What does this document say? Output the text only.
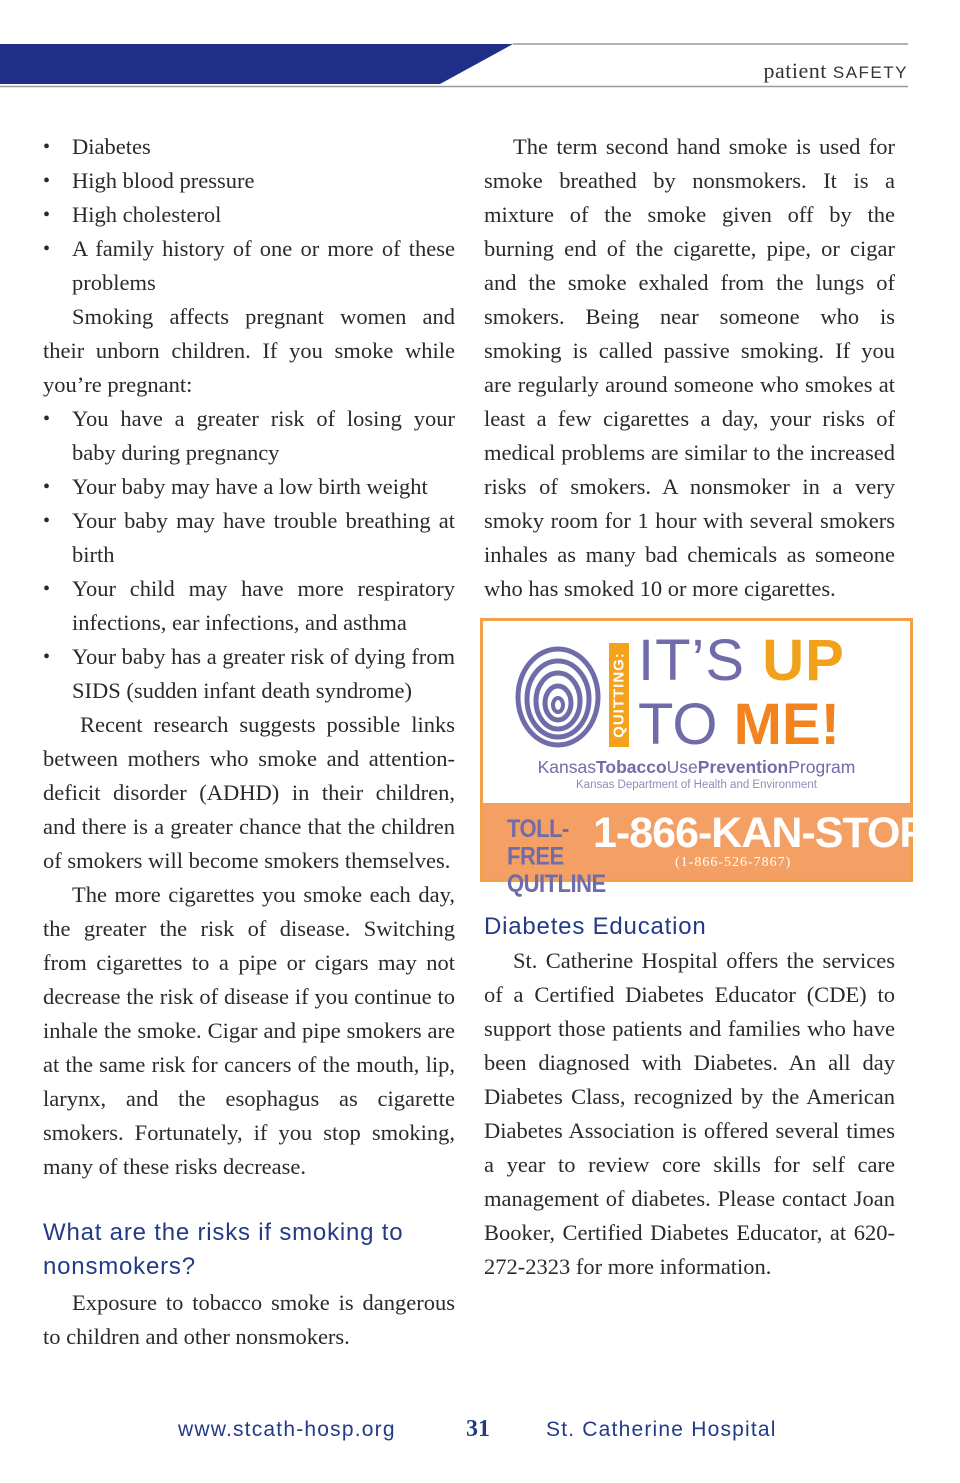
patient SAFETY
• Diabetes
• High blood pressure
• High cholesterol
• A family history of one or more of these problems

Smoking affects pregnant women and their unborn children. If you smoke while you’re pregnant:

• You have a greater risk of losing your baby during pregnancy
• Your baby may have a low birth weight
• Your baby may have trouble breathing at birth
• Your child may have more respiratory infections, ear infections, and asthma
• Your baby has a greater risk of dying from SIDS (sudden infant death syndrome)

Recent research suggests possible links between mothers who smoke and attention-deficit disorder (ADHD) in their children, and there is a greater chance that the children of smokers will become smokers themselves.

The more cigarettes you smoke each day, the greater the risk of disease. Switching from cigarettes to a pipe or cigars may not decrease the risk of disease if you continue to inhale the smoke. Cigar and pipe smokers are at the same risk for cancers of the mouth, lip, larynx, and the esophagus as cigarette smokers. Fortunately, if you stop smoking, many of these risks decrease.

What are the risks if smoking to nonsmokers?

Exposure to tobacco smoke is dangerous to children and other nonsmokers.

The term second hand smoke is used for smoke breathed by nonsmokers. It is a mixture of the smoke given off by the burning end of the cigarette, pipe, or cigar and the smoke exhaled from the lungs of smokers. Being near someone who is smoking is called passive smoking. If you are regularly around someone who smokes at least a few cigarettes a day, your risks of medical problems are similar to the increased risks of smokers. A nonsmoker in a very smoky room for 1 hour with several smokers inhales as many bad chemicals as someone who has smoked 10 or more cigarettes.

QUITTING: IT’S UP
TO ME!
KansasTobaccoUsePreventionProgram
Kansas Department of Health and Environment
TOLL-FREE
QUITLINE
1-866-KAN-STOP
(1-866-526-7867)
Diabetes Education

St. Catherine Hospital offers the services of a Certified Diabetes Educator (CDE) to support those patients and families who have been diagnosed with Diabetes. An all day Diabetes Class, recognized by the American Diabetes Association is offered several times a year to review core skills for self care management of diabetes. Please contact Joan Booker, Certified Diabetes Educator, at 620-272-2323 for more information.

www.stcath-hosp.org	31	St. Catherine Hospital
